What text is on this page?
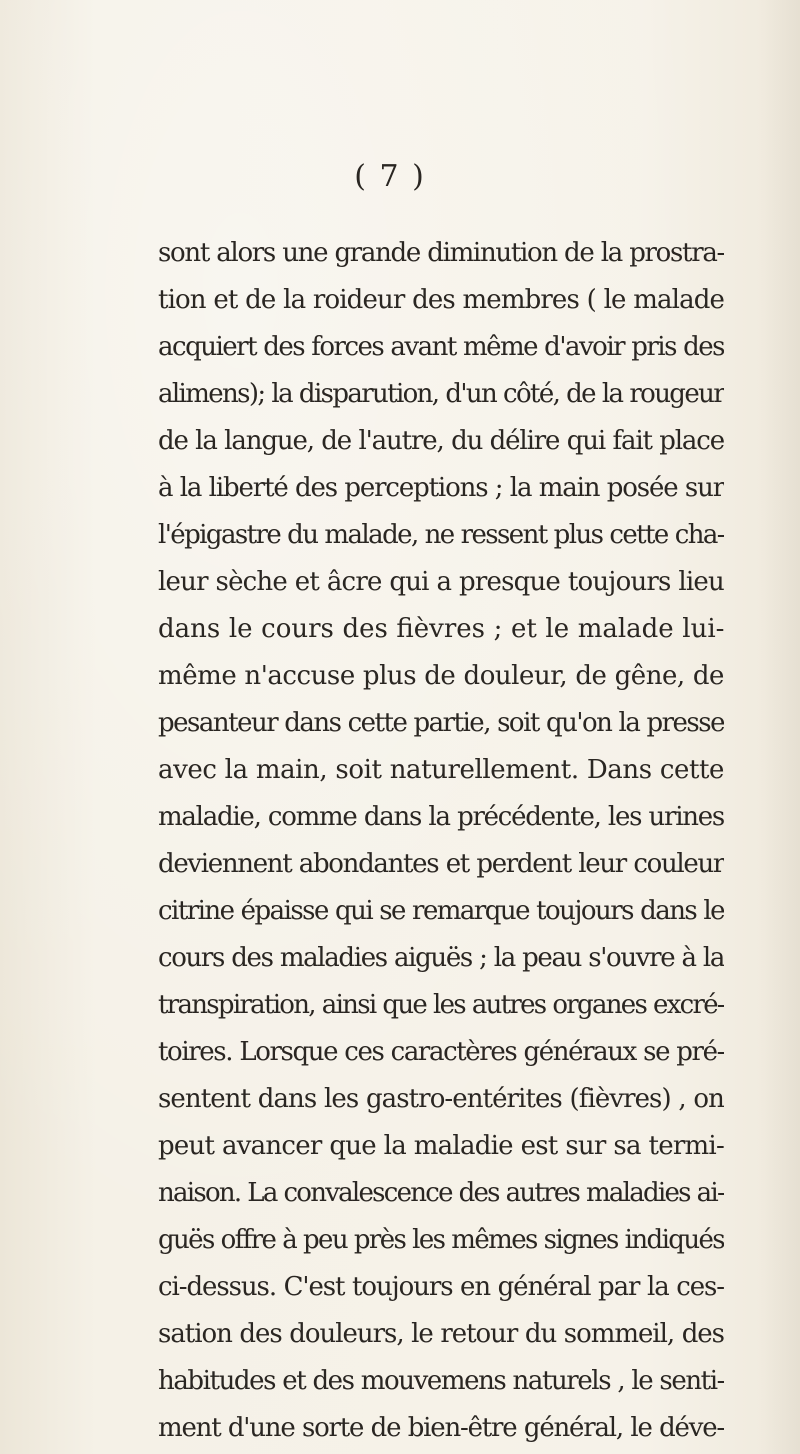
( 7 )

sont alors une grande diminution de la prostra-
tion et de la roideur des membres ( le malade
acquiert des forces avant même d'avoir pris des
alimens); la disparution, d'un côté, de la rougeur
de la langue, de l'autre, du délire qui fait place
à la liberté des perceptions ; la main posée sur
l'épigastre du malade, ne ressent plus cette cha-
leur sèche et âcre qui a presque toujours lieu
dans le cours des fièvres ; et le malade lui-
même n'accuse plus de douleur, de gêne, de
pesanteur dans cette partie, soit qu'on la presse
avec la main, soit naturellement. Dans cette
maladie, comme dans la précédente, les urines
deviennent abondantes et perdent leur couleur
citrine épaisse qui se remarque toujours dans le
cours des maladies aiguës ; la peau s'ouvre à la
transpiration, ainsi que les autres organes excré-
toires. Lorsque ces caractères généraux se pré-
sentent dans les gastro-entérites (fièvres) , on
peut avancer que la maladie est sur sa termi-
naison. La convalescence des autres maladies ai-
guës offre à peu près les mêmes signes indiqués
ci-dessus. C'est toujours en général par la ces-
sation des douleurs, le retour du sommeil, des
habitudes et des mouvemens naturels , le senti-
ment d'une sorte de bien-être général, le déve-
